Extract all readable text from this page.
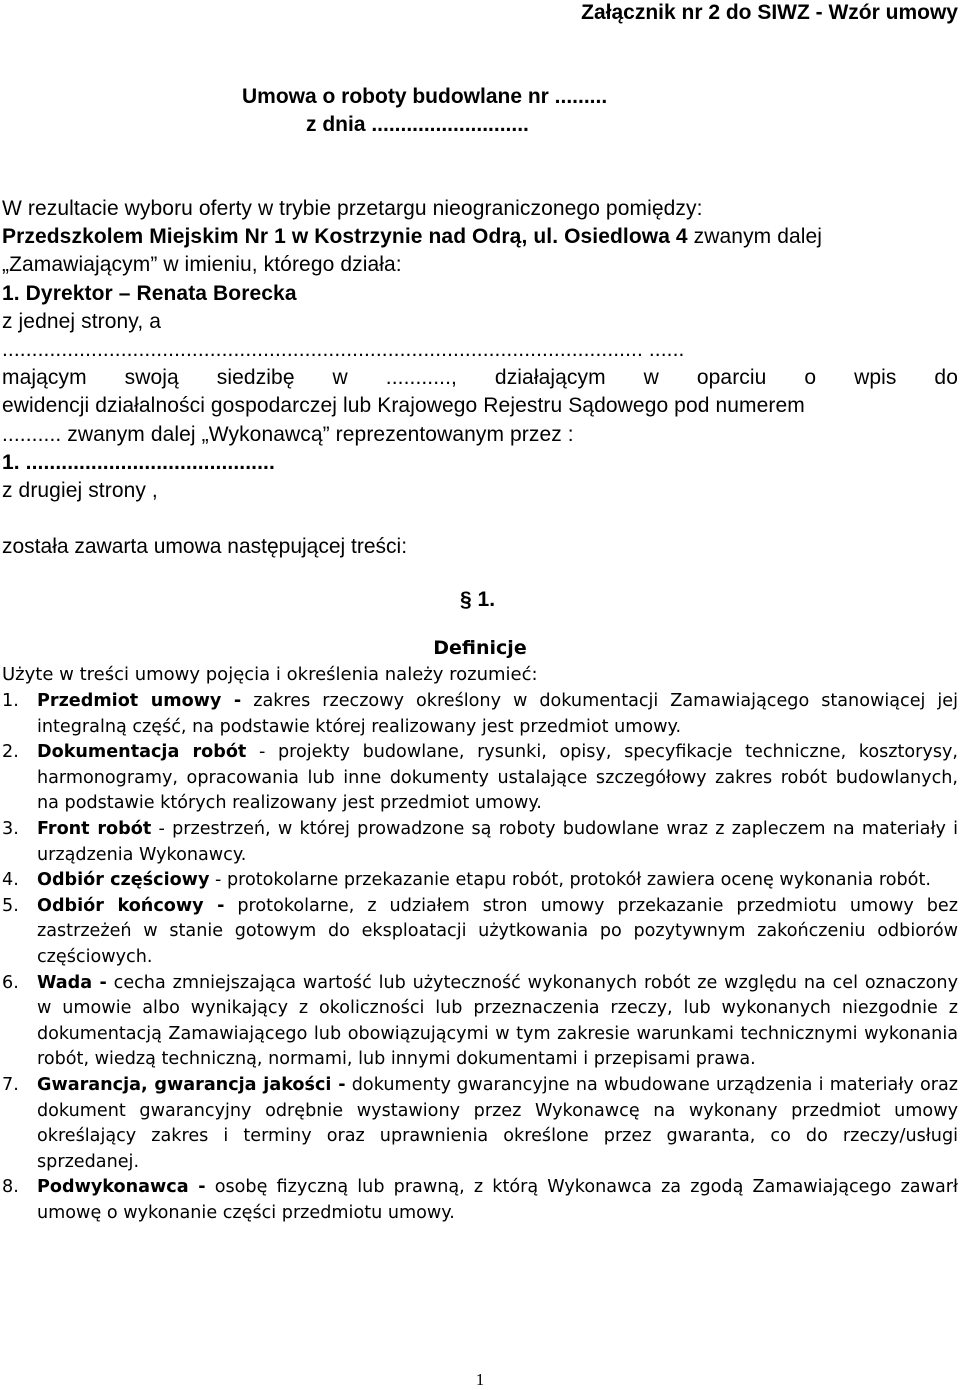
Załącznik nr 2 do SIWZ - Wzór umowy
Umowa o roboty budowlane nr .........
z dnia ...........................
W rezultacie wyboru oferty w trybie przetargu nieograniczonego pomiędzy:
Przedszkolem Miejskim Nr 1 w Kostrzynie nad Odrą, ul. Osiedlowa 4 zwanym dalej
„Zamawiającym” w imieniu, którego działa:
1. Dyrektor – Renata Borecka
z jednej strony, a
............................................................................................................ ......
mającym swoją siedzibę w ..........., działającym w oparciu o wpis do
ewidencji działalności gospodarczej lub Krajowego Rejestru Sądowego pod numerem
.......... zwanym dalej „Wykonawcą” reprezentowanym przez :
1. ..........................................
z drugiej strony ,
została zawarta umowa następującej treści:
§ 1.
Definicje
Użyte w treści umowy pojęcia i określenia należy rozumieć:
1. Przedmiot umowy - zakres rzeczowy określony w dokumentacji Zamawiającego stanowiącej jej integralną część, na podstawie której realizowany jest przedmiot umowy.
2. Dokumentacja robót - projekty budowlane, rysunki, opisy, specyfikacje techniczne, kosztorysy, harmonogramy, opracowania lub inne dokumenty ustalające szczegółowy zakres robót budowlanych, na podstawie których realizowany jest przedmiot umowy.
3. Front robót - przestrzeń, w której prowadzone są roboty budowlane wraz z zapleczem na materiały i urządzenia Wykonawcy.
4. Odbiór częściowy - protokolarne przekazanie etapu robót, protokół zawiera ocenę wykonania robót.
5. Odbiór końcowy - protokolarne, z udziałem stron umowy przekazanie przedmiotu umowy bez zastrzeżeń w stanie gotowym do eksploatacji użytkowania po pozytywnym zakończeniu odbiorów częściowych.
6. Wada - cecha zmniejszająca wartość lub użyteczność wykonanych robót ze względu na cel oznaczony w umowie albo wynikający z okoliczności lub przeznaczenia rzeczy, lub wykonanych niezgodnie z dokumentacją Zamawiającego lub obowiązującymi w tym zakresie warunkami technicznymi wykonania robót, wiedzą techniczną, normami, lub innymi dokumentami i przepisami prawa.
7. Gwarancja, gwarancja jakości - dokumenty gwarancyjne na wbudowane urządzenia i materiały oraz dokument gwarancyjny odrębnie wystawiony przez Wykonawcę na wykonany przedmiot umowy określający zakres i terminy oraz uprawnienia określone przez gwaranta, co do rzeczy/usługi sprzedanej.
8. Podwykonawca - osobę fizyczną lub prawną, z którą Wykonawca za zgodą Zamawiającego zawarł umowę o wykonanie części przedmiotu umowy.
1
